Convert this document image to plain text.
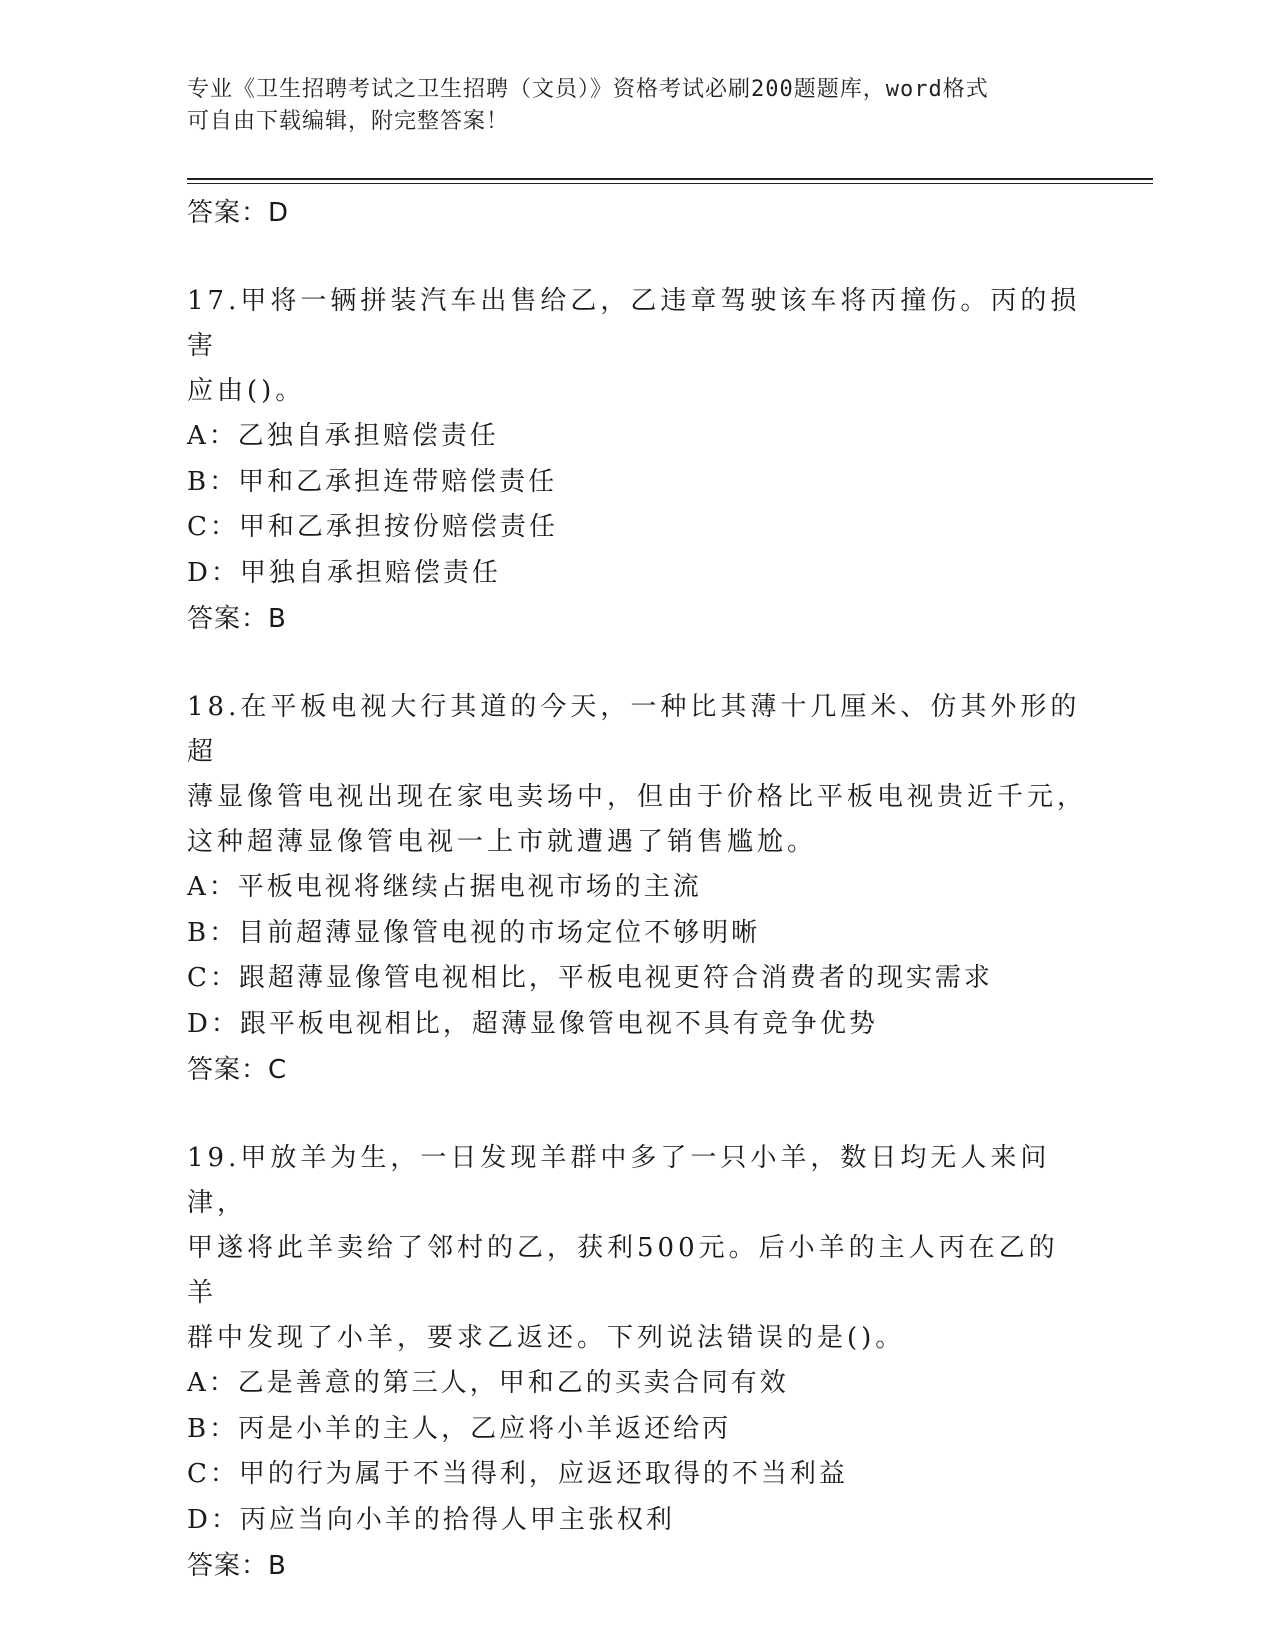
专业《卫生招聘考试之卫生招聘（文员）》资格考试必刷200题题库，word格式
可自由下载编辑，附完整答案！
答案：D
17.甲将一辆拼装汽车出售给乙，乙违章驾驶该车将丙撞伤。丙的损害
应由()。
A：乙独自承担赔偿责任
B：甲和乙承担连带赔偿责任
C：甲和乙承担按份赔偿责任
D：甲独自承担赔偿责任
答案：B
18.在平板电视大行其道的今天，一种比其薄十几厘米、仿其外形的超
薄显像管电视出现在家电卖场中，但由于价格比平板电视贵近千元，
这种超薄显像管电视一上市就遭遇了销售尴尬。
A：平板电视将继续占据电视市场的主流
B：目前超薄显像管电视的市场定位不够明晰
C：跟超薄显像管电视相比，平板电视更符合消费者的现实需求
D：跟平板电视相比，超薄显像管电视不具有竞争优势
答案：C
19.甲放羊为生，一日发现羊群中多了一只小羊，数日均无人来问津，
甲遂将此羊卖给了邻村的乙，获利500元。后小羊的主人丙在乙的羊
群中发现了小羊，要求乙返还。下列说法错误的是()。
A：乙是善意的第三人，甲和乙的买卖合同有效
B：丙是小羊的主人，乙应将小羊返还给丙
C：甲的行为属于不当得利，应返还取得的不当利益
D：丙应当向小羊的拾得人甲主张权利
答案：B
